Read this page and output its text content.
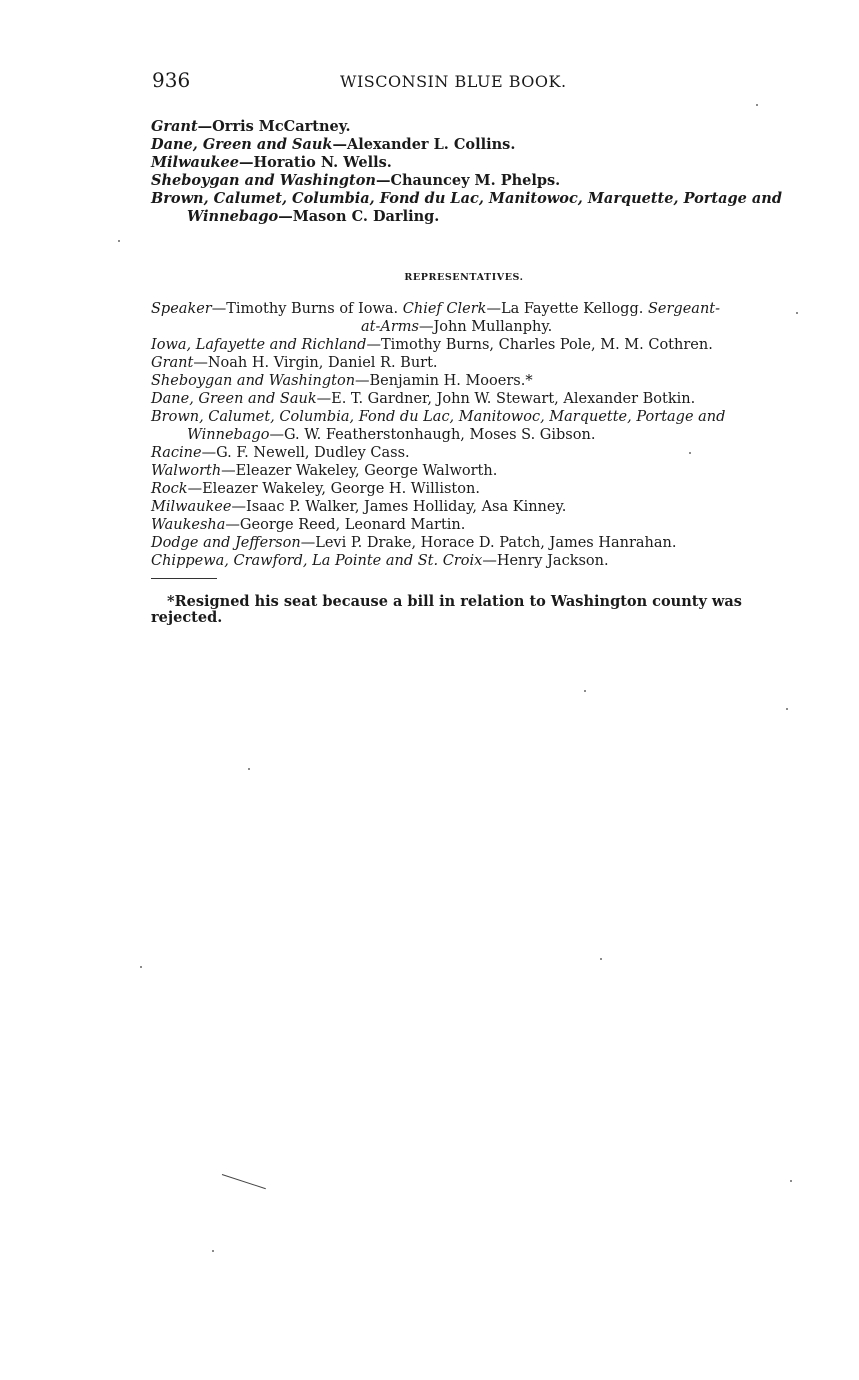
936	WISCONSIN BLUE BOOK.
Grant—Orris McCartney.
Dane, Green and Sauk—Alexander L. Collins.
Milwaukee—Horatio N. Wells.
Sheboygan and Washington—Chauncey M. Phelps.
Brown, Calumet, Columbia, Fond du Lac, Manitowoc, Marquette, Portage and
Winnebago—Mason C. Darling.
REPRESENTATIVES.
Speaker—Timothy Burns of Iowa. Chief Clerk—La Fayette Kellogg. Sergeant-
at-Arms—John Mullanphy.
Iowa, Lafayette and Richland—Timothy Burns, Charles Pole, M. M. Cothren.
Grant—Noah H. Virgin, Daniel R. Burt.
Sheboygan and Washington—Benjamin H. Mooers.*
Dane, Green and Sauk—E. T. Gardner, John W. Stewart, Alexander Botkin.
Brown, Calumet, Columbia, Fond du Lac, Manitowoc, Marquette, Portage and
Winnebago—G. W. Featherstonhaugh, Moses S. Gibson.
Racine—G. F. Newell, Dudley Cass.
Walworth—Eleazer Wakeley, George Walworth.
Rock—Eleazer Wakeley, George H. Williston.
Milwaukee—Isaac P. Walker, James Holliday, Asa Kinney.
Waukesha—George Reed, Leonard Martin.
Dodge and Jefferson—Levi P. Drake, Horace D. Patch, James Hanrahan.
Chippewa, Crawford, La Pointe and St. Croix—Henry Jackson.
*Resigned his seat because a bill in relation to Washington county was rejected.
